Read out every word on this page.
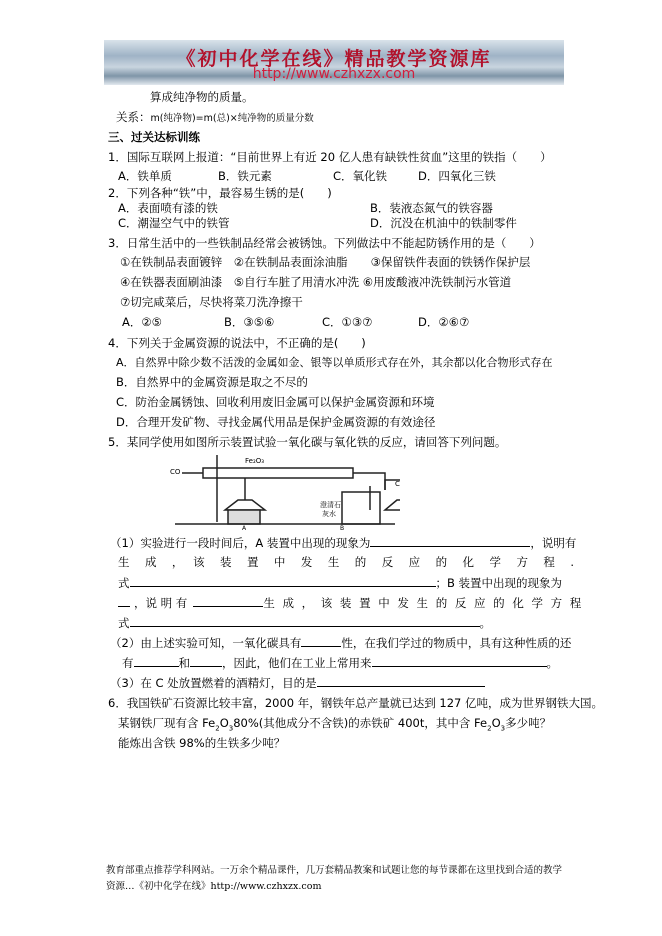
《初中化学在线》精品教学资源库
http://www.czhxzx.com
算成纯净物的质量。
关系：m(纯净物)=m(总)×纯净物的质量分数
三、过关达标训练
1．国际互联网上报道：“目前世界上有近 20 亿人患有缺铁性贫血”这里的铁指（　　）
A．铁单质	B．铁元素	C．氧化铁	D．四氧化三铁
2．下列各种“铁”中，最容易生锈的是(　　)
A．表面喷有漆的铁	B．装液态氮气的铁容器
C．潮湿空气中的铁管	D．沉没在机油中的铁制零件
3．日常生活中的一些铁制品经常会被锈蚀。下列做法中不能起防锈作用的是（　　）
①在铁制品表面镀锌　②在铁制品表面涂油脂　　③保留铁件表面的铁锈作保护层
④在铁器表面刷油漆　⑤自行车脏了用清水冲洗 ⑥用废酸液冲洗铁制污水管道
⑦切完咸菜后，尽快将菜刀洗净擦干
A．②⑤	B．③⑤⑥	C．①③⑦	D．②⑥⑦
4．下列关于金属资源的说法中，不正确的是(　　)
A．自然界中除少数不活泼的金属如金、银等以单质形式存在外，其余都以化合物形式存在
B．自然界中的金属资源是取之不尽的
C．防治金属锈蚀、回收利用废旧金属可以保护金属资源和环境
D．合理开发矿物、寻找金属代用品是保护金属资源的有效途径
5．某同学使用如图所示装置试验一氧化碳与氧化铁的反应，请回答下列问题。
CO
Fe₂O₃
澄清石
灰水
A	B
C
（1）实验进行一段时间后，A 装置中出现的现象为	，说明有
生　成　，　该　装　置　中　发　生　的　反　应　的　化　学　方　程　.
式	；B 装置中出现的现象为
，说 明 有	生 成 ， 该 装 置 中 发 生 的 反 应 的 化 学 方 程
式	。
（2）由上述实验可知，一氧化碳具有	性，在我们学过的物质中，具有这种性质的还
有	和	，因此，他们在工业上常用来	。
（3）在 C 处放置燃着的酒精灯，目的是
6．我国铁矿石资源比较丰富，2000 年，钢铁年总产量就已达到 127 亿吨，成为世界钢铁大国。
某钢铁厂现有含 $Fe_2O_380\%$(其他成分不含铁)的赤铁矿 400t，其中含 $Fe_2O_3$多少吨？
能炼出含铁 98%的生铁多少吨？
教育部重点推荐学科网站。一万余个精品课件，几万套精品教案和试题让您的每节课都在这里找到合适的教学
资源…《初中化学在线》http://www.czhxzx.com
